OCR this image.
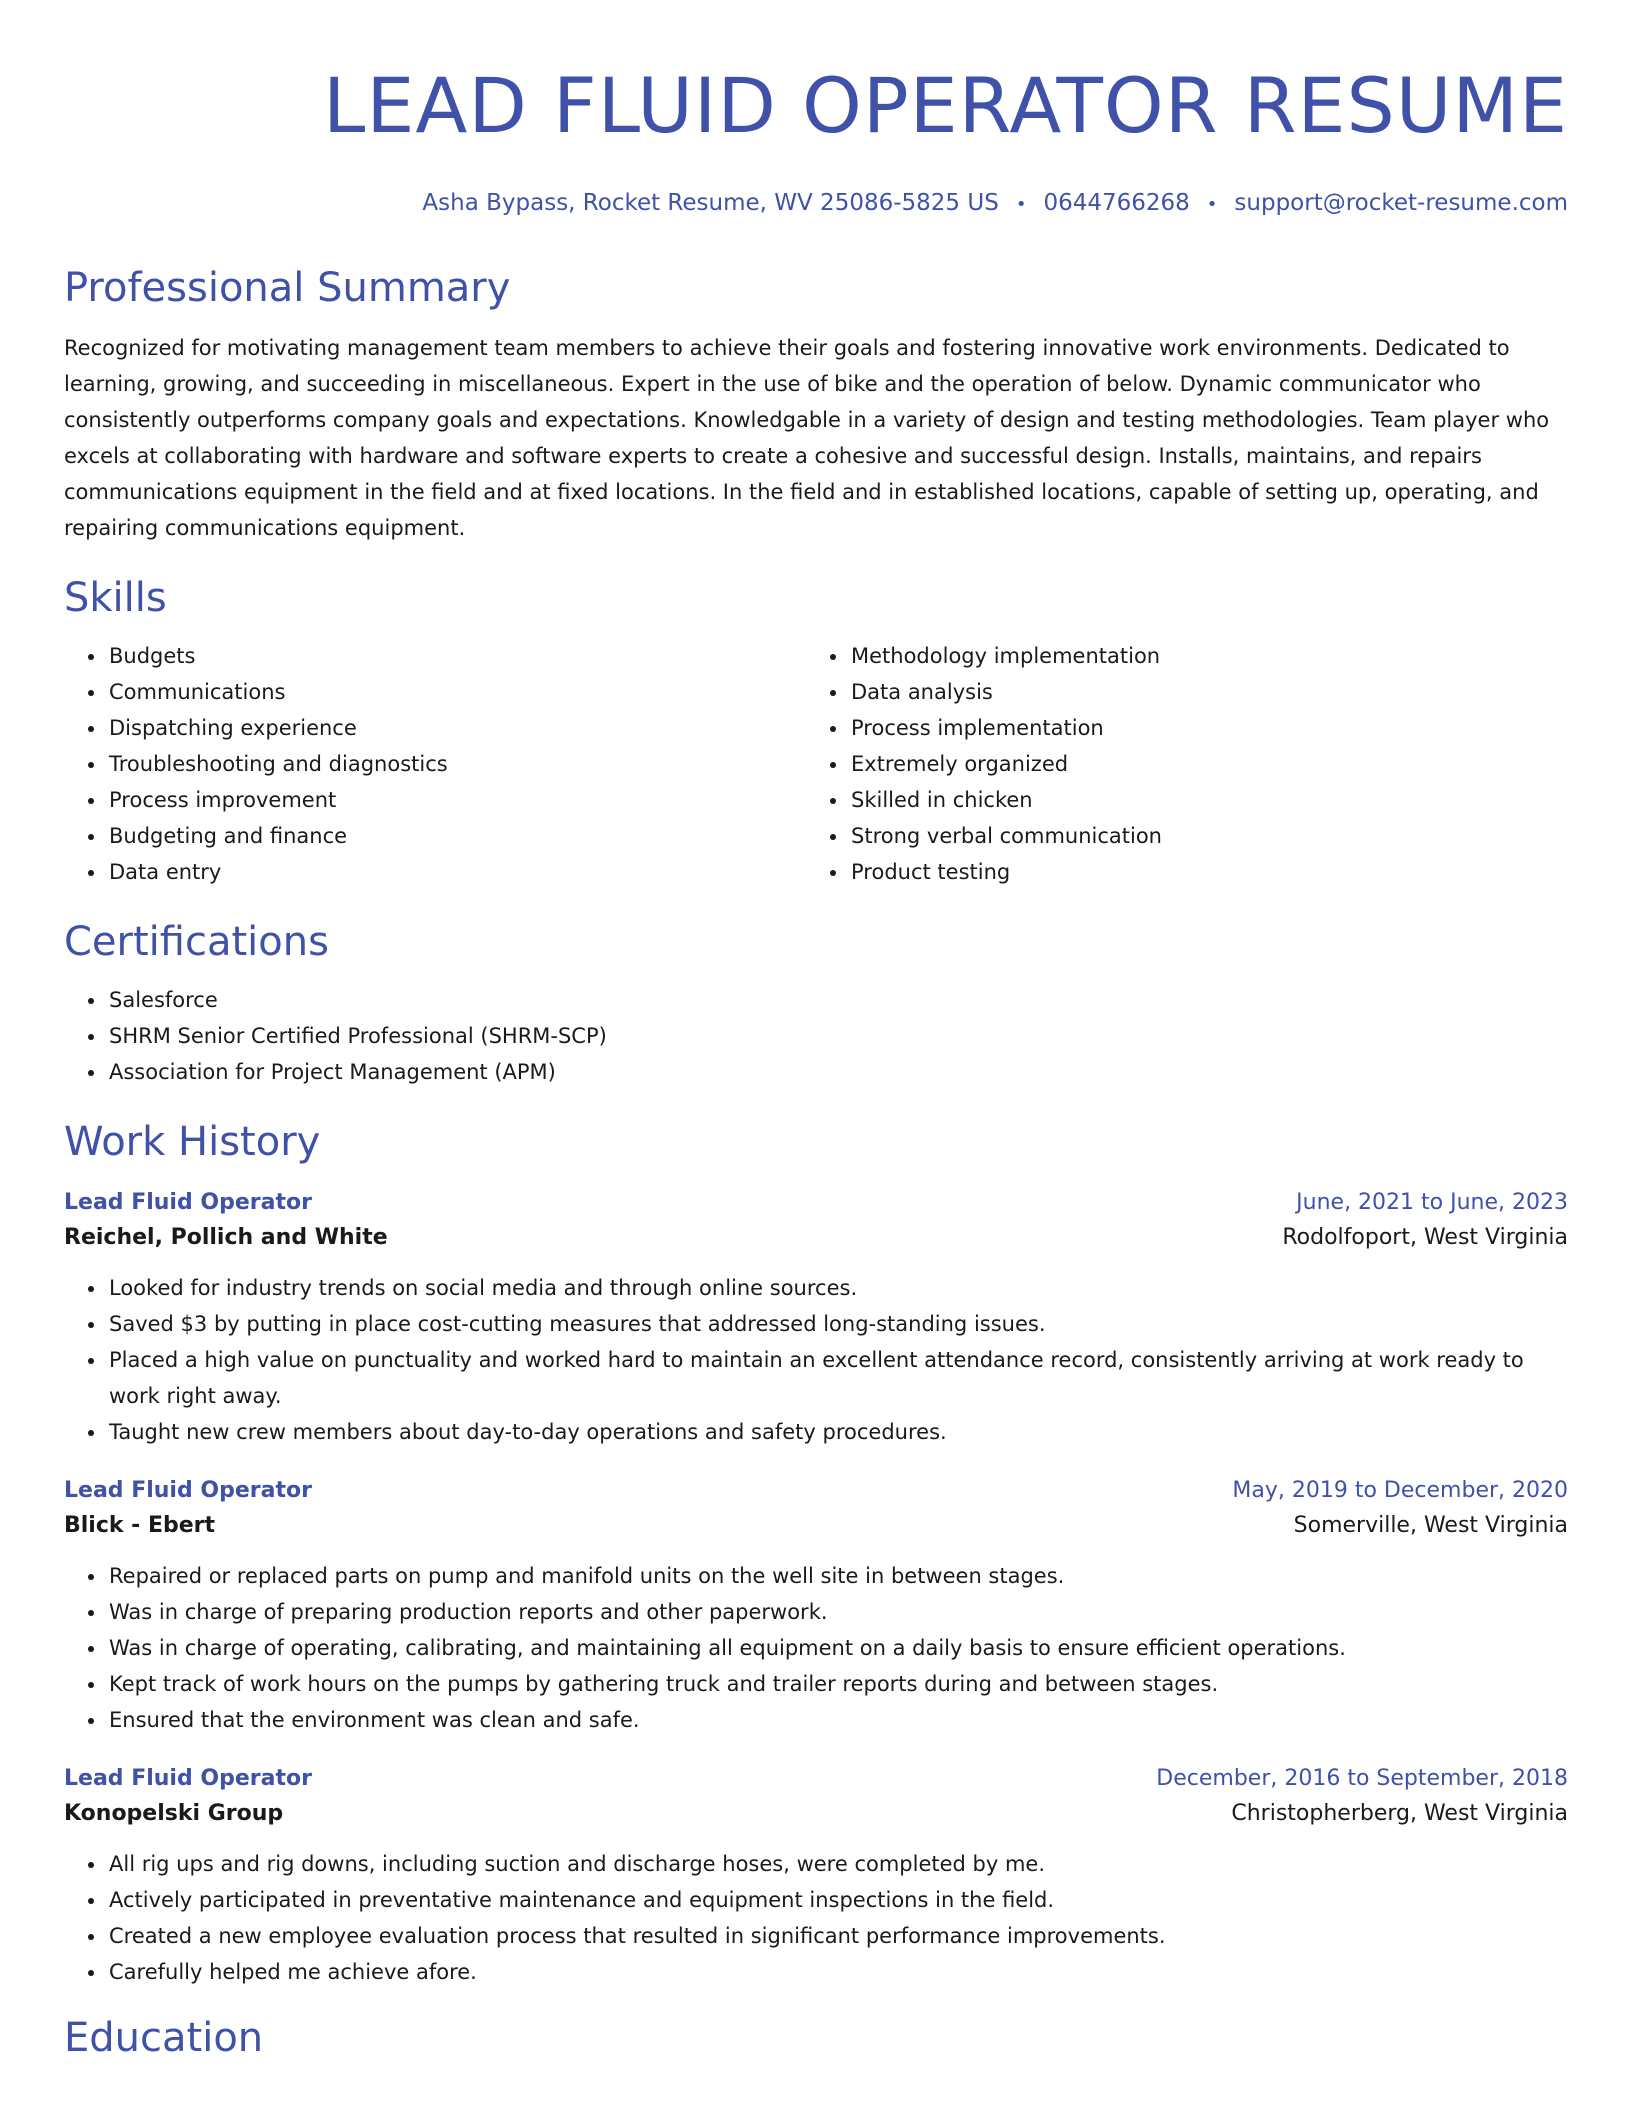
LEAD FLUID OPERATOR RESUME
Asha Bypass, Rocket Resume, WV 25086-5825 US • 0644766268 • support@rocket-resume.com
Professional Summary
Recognized for motivating management team members to achieve their goals and fostering innovative work environments. Dedicated to learning, growing, and succeeding in miscellaneous. Expert in the use of bike and the operation of below. Dynamic communicator who consistently outperforms company goals and expectations. Knowledgable in a variety of design and testing methodologies. Team player who excels at collaborating with hardware and software experts to create a cohesive and successful design. Installs, maintains, and repairs communications equipment in the field and at fixed locations. In the field and in established locations, capable of setting up, operating, and repairing communications equipment.
Skills
• Budgets
• Communications
• Dispatching experience
• Troubleshooting and diagnostics
• Process improvement
• Budgeting and finance
• Data entry
• Methodology implementation
• Data analysis
• Process implementation
• Extremely organized
• Skilled in chicken
• Strong verbal communication
• Product testing
Certifications
• Salesforce
• SHRM Senior Certified Professional (SHRM-SCP)
• Association for Project Management (APM)
Work History
Lead Fluid Operator	June, 2021 to June, 2023
Reichel, Pollich and White	Rodolfoport, West Virginia
• Looked for industry trends on social media and through online sources.
• Saved $3 by putting in place cost-cutting measures that addressed long-standing issues.
• Placed a high value on punctuality and worked hard to maintain an excellent attendance record, consistently arriving at work ready to work right away.
• Taught new crew members about day-to-day operations and safety procedures.
Lead Fluid Operator	May, 2019 to December, 2020
Blick - Ebert	Somerville, West Virginia
• Repaired or replaced parts on pump and manifold units on the well site in between stages.
• Was in charge of preparing production reports and other paperwork.
• Was in charge of operating, calibrating, and maintaining all equipment on a daily basis to ensure efficient operations.
• Kept track of work hours on the pumps by gathering truck and trailer reports during and between stages.
• Ensured that the environment was clean and safe.
Lead Fluid Operator	December, 2016 to September, 2018
Konopelski Group	Christopherberg, West Virginia
• All rig ups and rig downs, including suction and discharge hoses, were completed by me.
• Actively participated in preventative maintenance and equipment inspections in the field.
• Created a new employee evaluation process that resulted in significant performance improvements.
• Carefully helped me achieve afore.
Education
